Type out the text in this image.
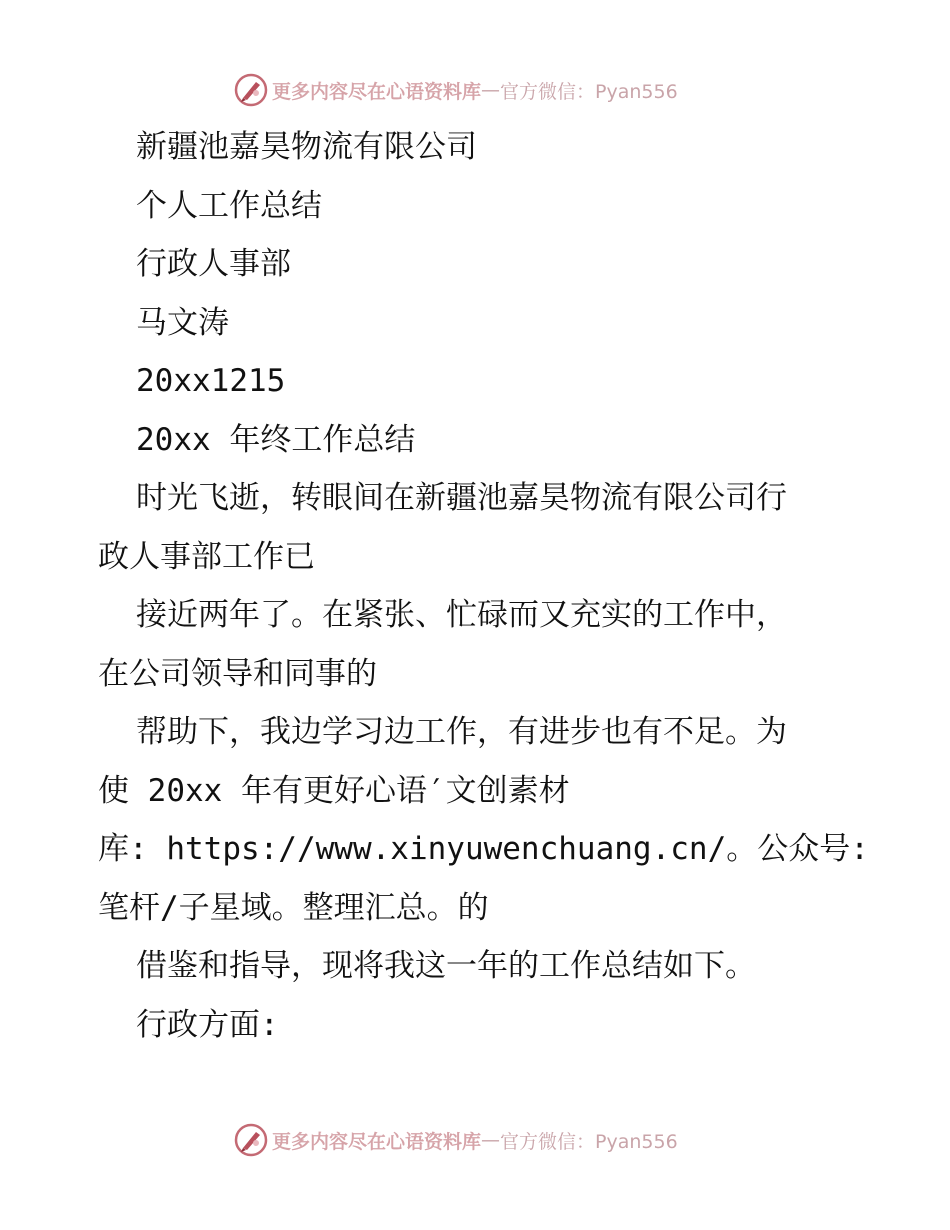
更多内容尽在心语资料库 — 官方微信：Pyan556
新疆池嘉昊物流有限公司
个人工作总结
行政人事部
马文涛
20xx1215
20xx 年终工作总结
时光飞逝，转眼间在新疆池嘉昊物流有限公司行
政人事部工作已
接近两年了。在紧张、忙碌而又充实的工作中，
在公司领导和同事的
帮助下，我边学习边工作，有进步也有不足。为
使 20xx 年有更好心语′文创素材
库: https://www.xinyuwenchuang.cn/。公众号:
笔杆/子星域。整理汇总。的
借鉴和指导，现将我这一年的工作总结如下。
行政方面:
更多内容尽在心语资料库 — 官方微信：Pyan556
